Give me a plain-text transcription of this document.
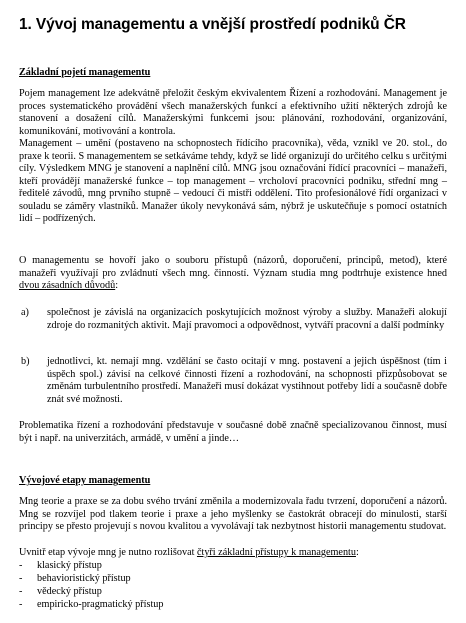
1. Vývoj managementu a vnější prostředí podniků ČR
Základní pojetí managementu

Pojem management lze adekvátně přeložit českým ekvivalentem Řízení a rozhodování. Management je proces systematického provádění všech manažerských funkcí a efektivního užití některých zdrojů ke stanovení a dosažení cílů. Manažerskými funkcemi jsou: plánování, rozhodování, organizování, komunikování, motivování a kontrola.

Management – umění (postaveno na schopnostech řídícího pracovníka), věda, vznikl ve 20. stol., do praxe k teorii. S managementem se setkáváme tehdy, když se lidé organizují do určitého celku s určitými cíly. Výsledkem MNG je stanovení a naplnění cílů. MNG jsou označováni řídící pracovníci – manažeři, kteří provádějí manažerské funkce – top management – vrcholoví pracovníci podniku, střední mng – ředitelé závodů, mng prvního stupně – vedoucí či mistři oddělení. Tito profesionálové řídí organizaci v souladu se záměry vlastníků. Manažer úkoly nevykonává sám, nýbrž je uskutečňuje s pomocí ostatních lidí – podřízených.

O managementu se hovoří jako o souboru přístupů (názorů, doporučení, principů, metod), které manažeři využívají pro zvládnutí všech mng. činností. Význam studia mng podtrhuje existence hned dvou zásadních důvodů:

a) společnost je závislá na organizacích poskytujících možnost výroby a služby. Manažeři alokují zdroje do rozmanitých aktivit. Mají pravomoci a odpovědnost, vytváří pracovní a další podmínky
b) jednotlivci, kt. nemají mng. vzdělání se často ocitají v mng. postavení a jejich úspěšnost (tím i úspěch spol.) závisí na celkové činnosti řízení a rozhodování, na schopnosti přizpůsobovat se změnám turbulentního prostředí. Manažeři musí dokázat vystihnout potřeby lidí a současně dobře znát své možnosti.

Problematika řízení a rozhodování představuje v současné době značně specializovanou činnost, musí být i např. na univerzitách, armádě, v umění a jinde…

Vývojové etapy managementu

Mng teorie a praxe se za dobu svého trvání změnila a modernizovala řadu tvrzení, doporučení a názorů. Mng se rozvíjel pod tlakem teorie i praxe a jeho myšlenky se častokrát obracejí do minulosti, starší principy se přesto projevují s novou kvalitou a vyvolávají tak nezbytnost historii managementu studovat.

Uvnitř etap vývoje mng je nutno rozlišovat čtyři základní přístupy k managementu:

- klasický přístup
- behavioristický přístup
- vědecký přístup
- empiricko-pragmatický přístup
